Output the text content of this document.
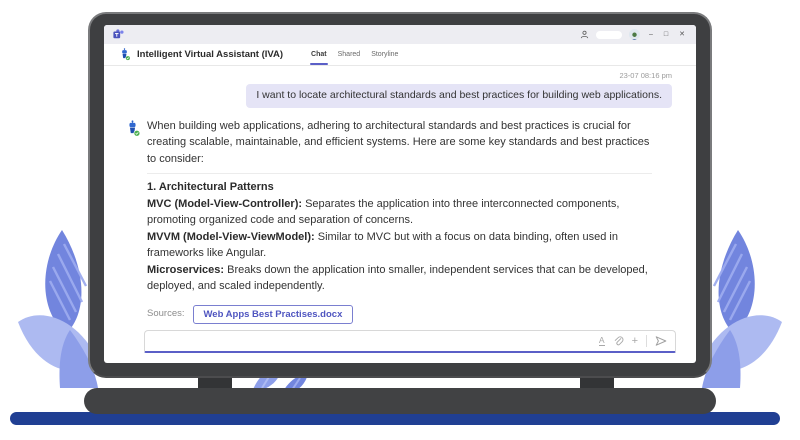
– □ ✕
Intelligent Virtual Assistant (IVA)	Chat Shared Storyline
23-07 08:16 pm
I want to locate architectural standards and best practices for building web applications.

When building web applications, adhering to architectural standards and best practices is crucial for creating scalable, maintainable, and efficient systems. Here are some key standards and best practices to consider:

1. Architectural Patterns

MVC (Model-View-Controller): Separates the application into three interconnected components, promoting organized code and separation of concerns.

MVVM (Model-View-ViewModel): Similar to MVC but with a focus on data binding, often used in frameworks like Angular.

Microservices: Breaks down the application into smaller, independent services that can be developed, deployed, and scaled independently.

Sources:	Web Apps Best Practises.docx
A +
